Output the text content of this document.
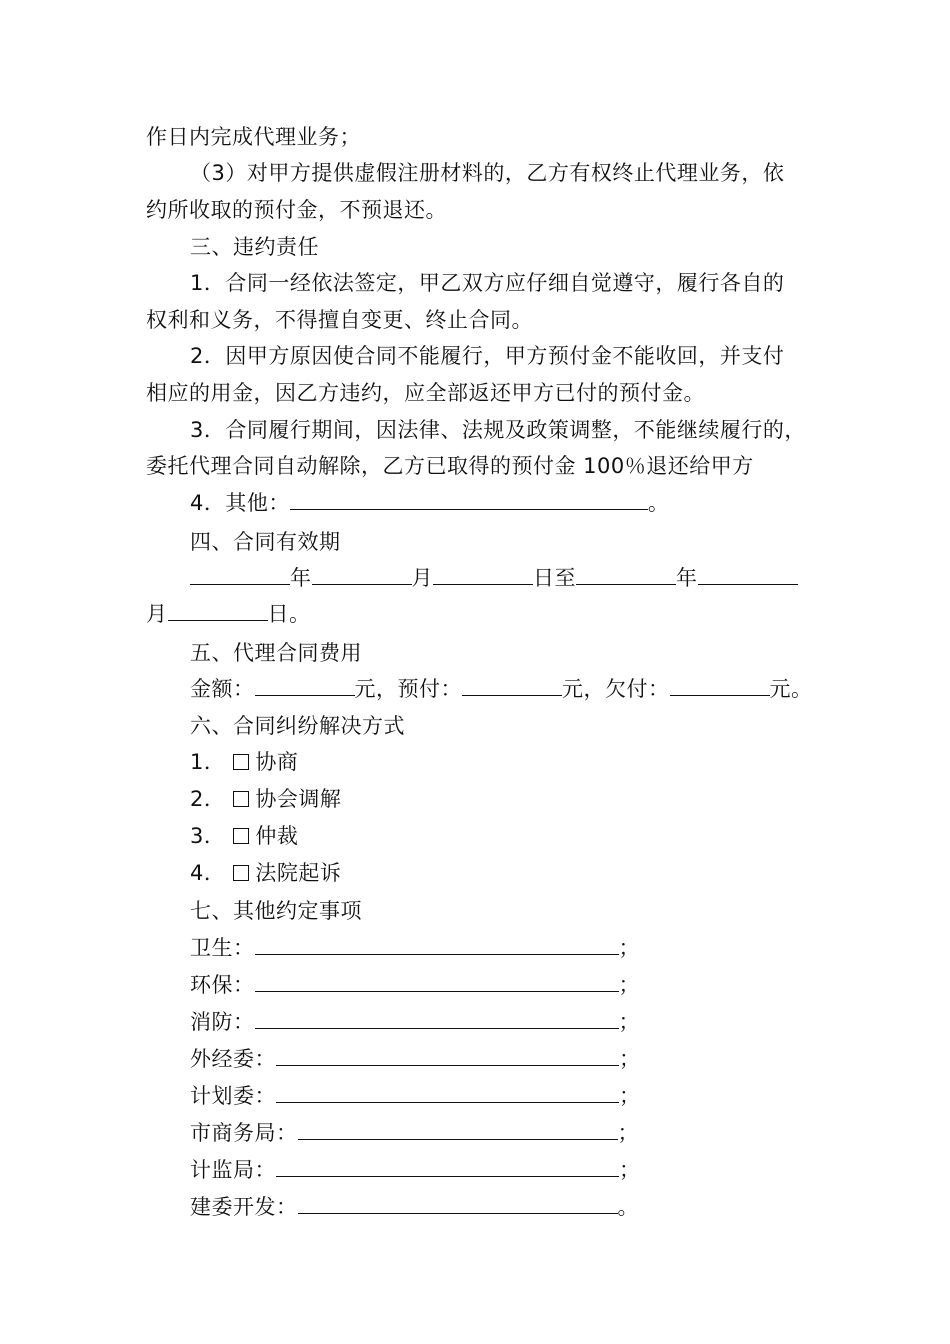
作日内完成代理业务；
（3）对甲方提供虚假注册材料的，乙方有权终止代理业务，依
约所收取的预付金，不预退还。
三、违约责任
1．合同一经依法签定，甲乙双方应仔细自觉遵守，履行各自的
权利和义务，不得擅自变更、终止合同。
2．因甲方原因使合同不能履行，甲方预付金不能收回，并支付
相应的用金，因乙方违约，应全部返还甲方已付的预付金。
3．合同履行期间，因法律、法规及政策调整，不能继续履行的，
委托代理合同自动解除，乙方已取得的预付金 100％退还给甲方
4．其他：	。
四、合同有效期
年	月	日至	年
月	日。
五、代理合同费用
金额：	元，预付：	元，欠付：	元。
六、合同纠纷解决方式
1． 协商
2． 协会调解
3． 仲裁
4． 法院起诉
七、其他约定事项
卫生：	；
环保：	；
消防：	；
外经委：	；
计划委：	；
市商务局：	；
计监局：	；
建委开发：	。
